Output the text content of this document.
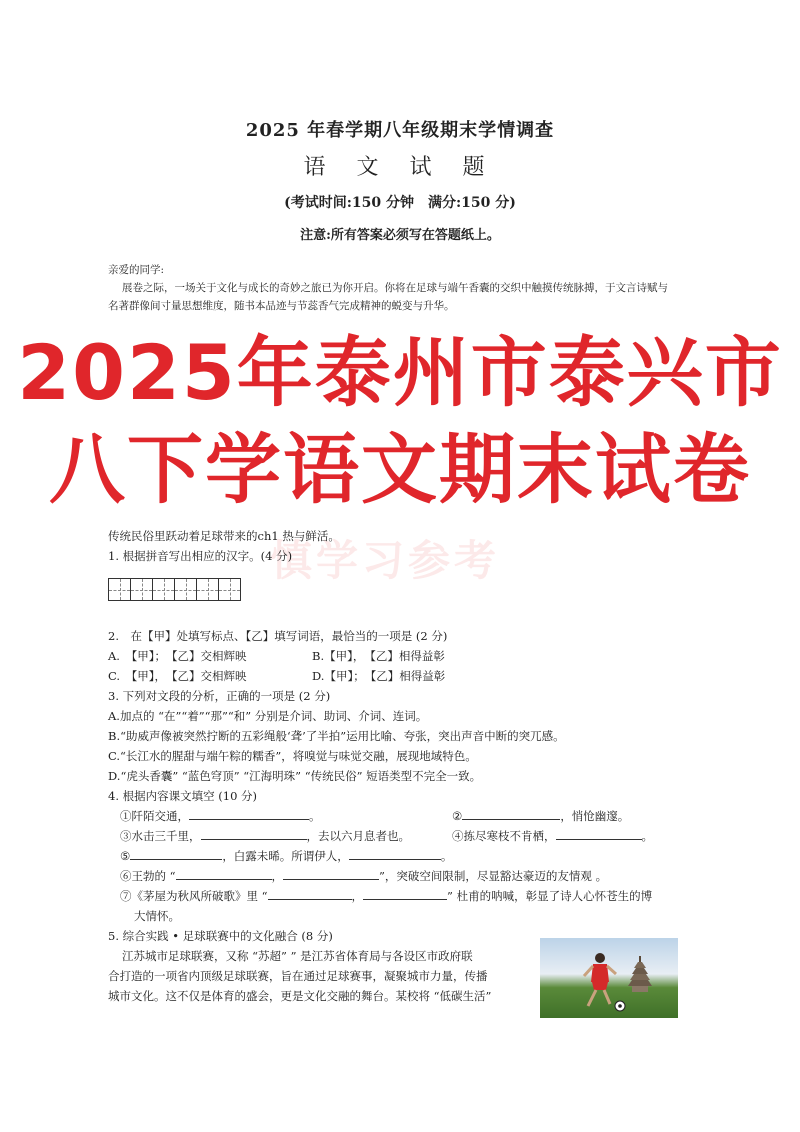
2025 年春学期八年级期末学情调查
语 文 试 题
(考试时间:150 分钟　满分:150 分)
注意:所有答案必须写在答题纸上。
亲爱的同学:
展卷之际，一场关于文化与成长的奇妙之旅已为你开启。你将在足球与端午香囊的交织中触摸传统脉搏，于文言诗赋与
名著群像间寸量思想维度，随书本品迹与节蕊香气完成精神的蜕变与升华。
2025年泰州市泰兴市
八下学语文期末试卷
慎学习参考
传统民俗里跃动着足球带来的ch1 热与鲜活。
1. 根据拼音写出相应的汉字。(4 分)
2.　在【甲】处填写标点、【乙】填写词语，最恰当的一项是 (2 分)
A.　【甲】；　【乙】交相辉映	B.【甲】，　【乙】相得益彰
C.　【甲】，　【乙】交相辉映	D.【甲】；　【乙】相得益彰
3. 下列对文段的分析，正确的一项是 (2 分)
A.加点的 “在”“着”“那”“和” 分别是介词、助词、介词、连词。
B.“助威声像被突然拧断的五彩绳般‘聋’了半拍”运用比喻、夸张，突出声音中断的突兀感。
C.“长江水的腥甜与端午粽的糯香”，将嗅觉与味觉交融，展现地域特色。
D.“虎头香囊” “蓝色穹顶” “江海明珠” “传统民俗” 短语类型不完全一致。
4. 根据内容课文填空 (10 分)
①阡陌交通，	。	②	，悄怆幽邃。
③水击三千里，	，去以六月息者也。	④拣尽寒枝不肯栖，	。
⑤	，白露未晞。所谓伊人，	。
⑥王勃的 “	，	”，突破空间限制，尽显豁达豪迈的友情观 。
⑦《茅屋为秋风所破歌》里 “	，	” 杜甫的呐喊，彰显了诗人心怀苍生的博
大情怀。
5. 综合实践 • 足球联赛中的文化融合 (8 分)
江苏城市足球联赛，又称 “苏超” ” 是江苏省体育局与各设区市政府联
合打造的一项省内顶级足球联赛，旨在通过足球赛事，凝聚城市力量，传播
城市文化。这不仅是体育的盛会，更是文化交融的舞台。某校将 “低碳生活”
